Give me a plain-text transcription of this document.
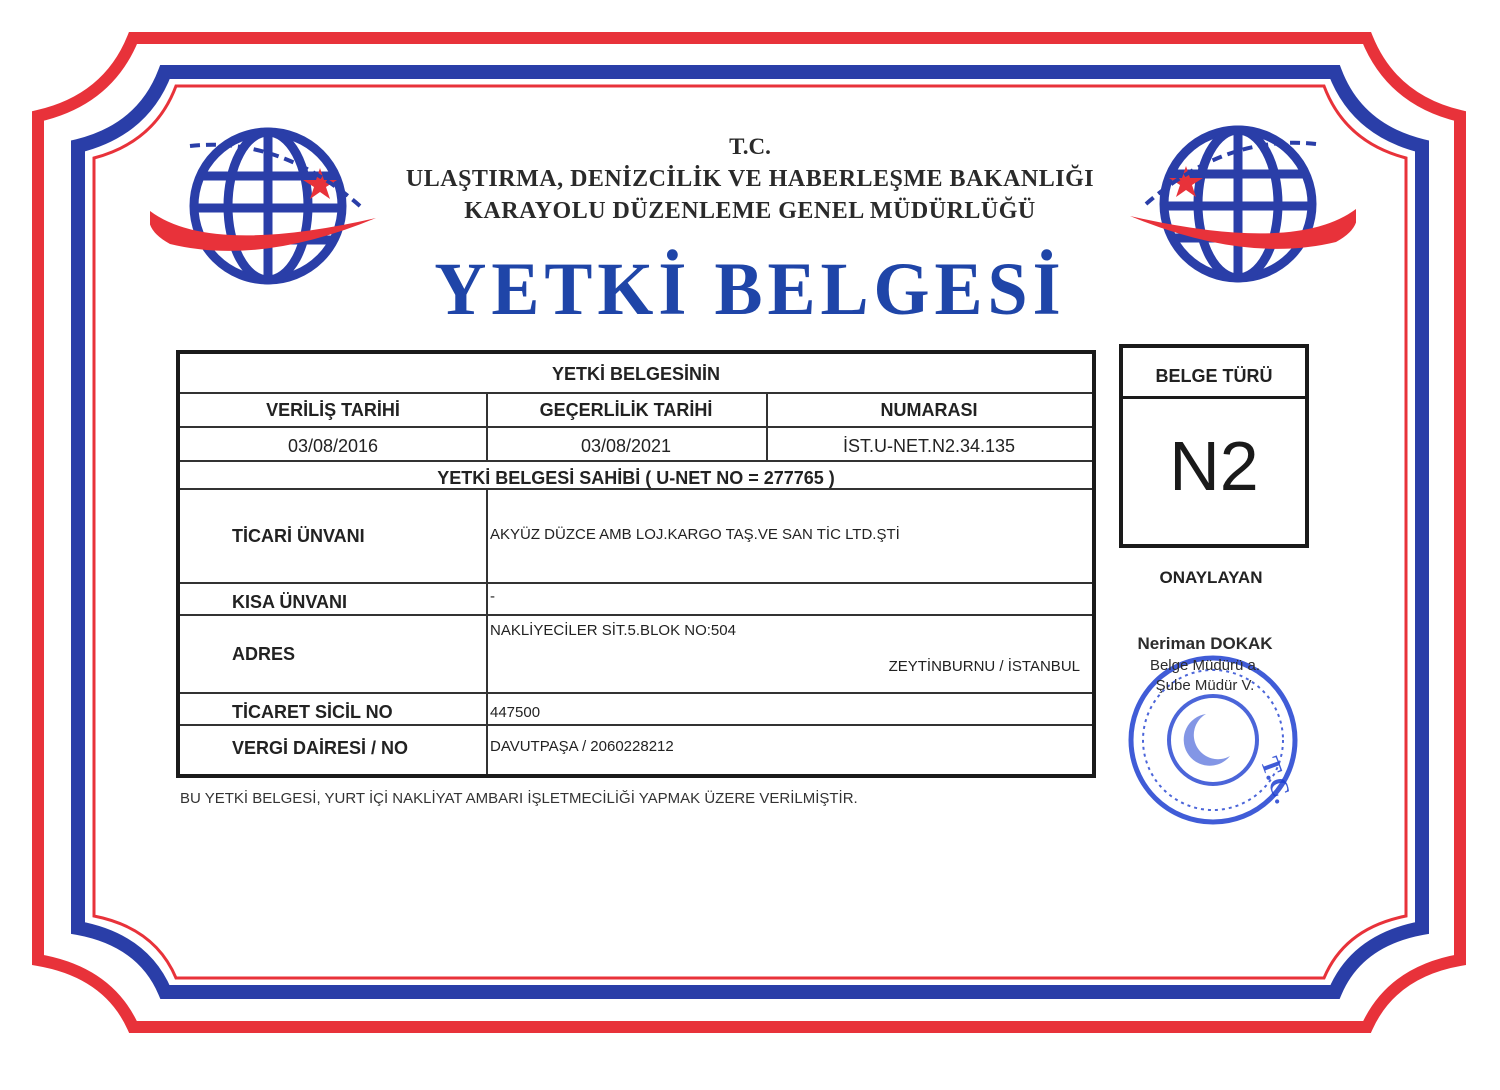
T.C.
ULAŞTIRMA, DENİZCİLİK VE HABERLEŞME BAKANLIĞI
KARAYOLU DÜZENLEME GENEL MÜDÜRLÜĞÜ
YETKİ BELGESİ
YETKİ BELGESİNİN
VERİLİŞ TARİHİ	GEÇERLİLİK TARİHİ	NUMARASI
03/08/2016	03/08/2021	İST.U-NET.N2.34.135
YETKİ BELGESİ SAHİBİ ( U-NET NO = 277765 )
TİCARİ ÜNVANI	AKYÜZ DÜZCE AMB LOJ.KARGO TAŞ.VE SAN TİC LTD.ŞTİ
KISA ÜNVANI	-
ADRES
NAKLİYECİLER SİT.5.BLOK NO:504
ZEYTİNBURNU / İSTANBUL
TİCARET SİCİL NO	447500
VERGİ DAİRESİ / NO	DAVUTPAŞA / 2060228212
BELGE TÜRÜ
N2
ONAYLAYAN
T.C.
Neriman DOKAK
Belge Müdürü a.
Şube Müdür V.
BU YETKİ BELGESİ, YURT İÇİ NAKLİYAT AMBARI İŞLETMECİLİĞİ YAPMAK ÜZERE VERİLMİŞTİR.
